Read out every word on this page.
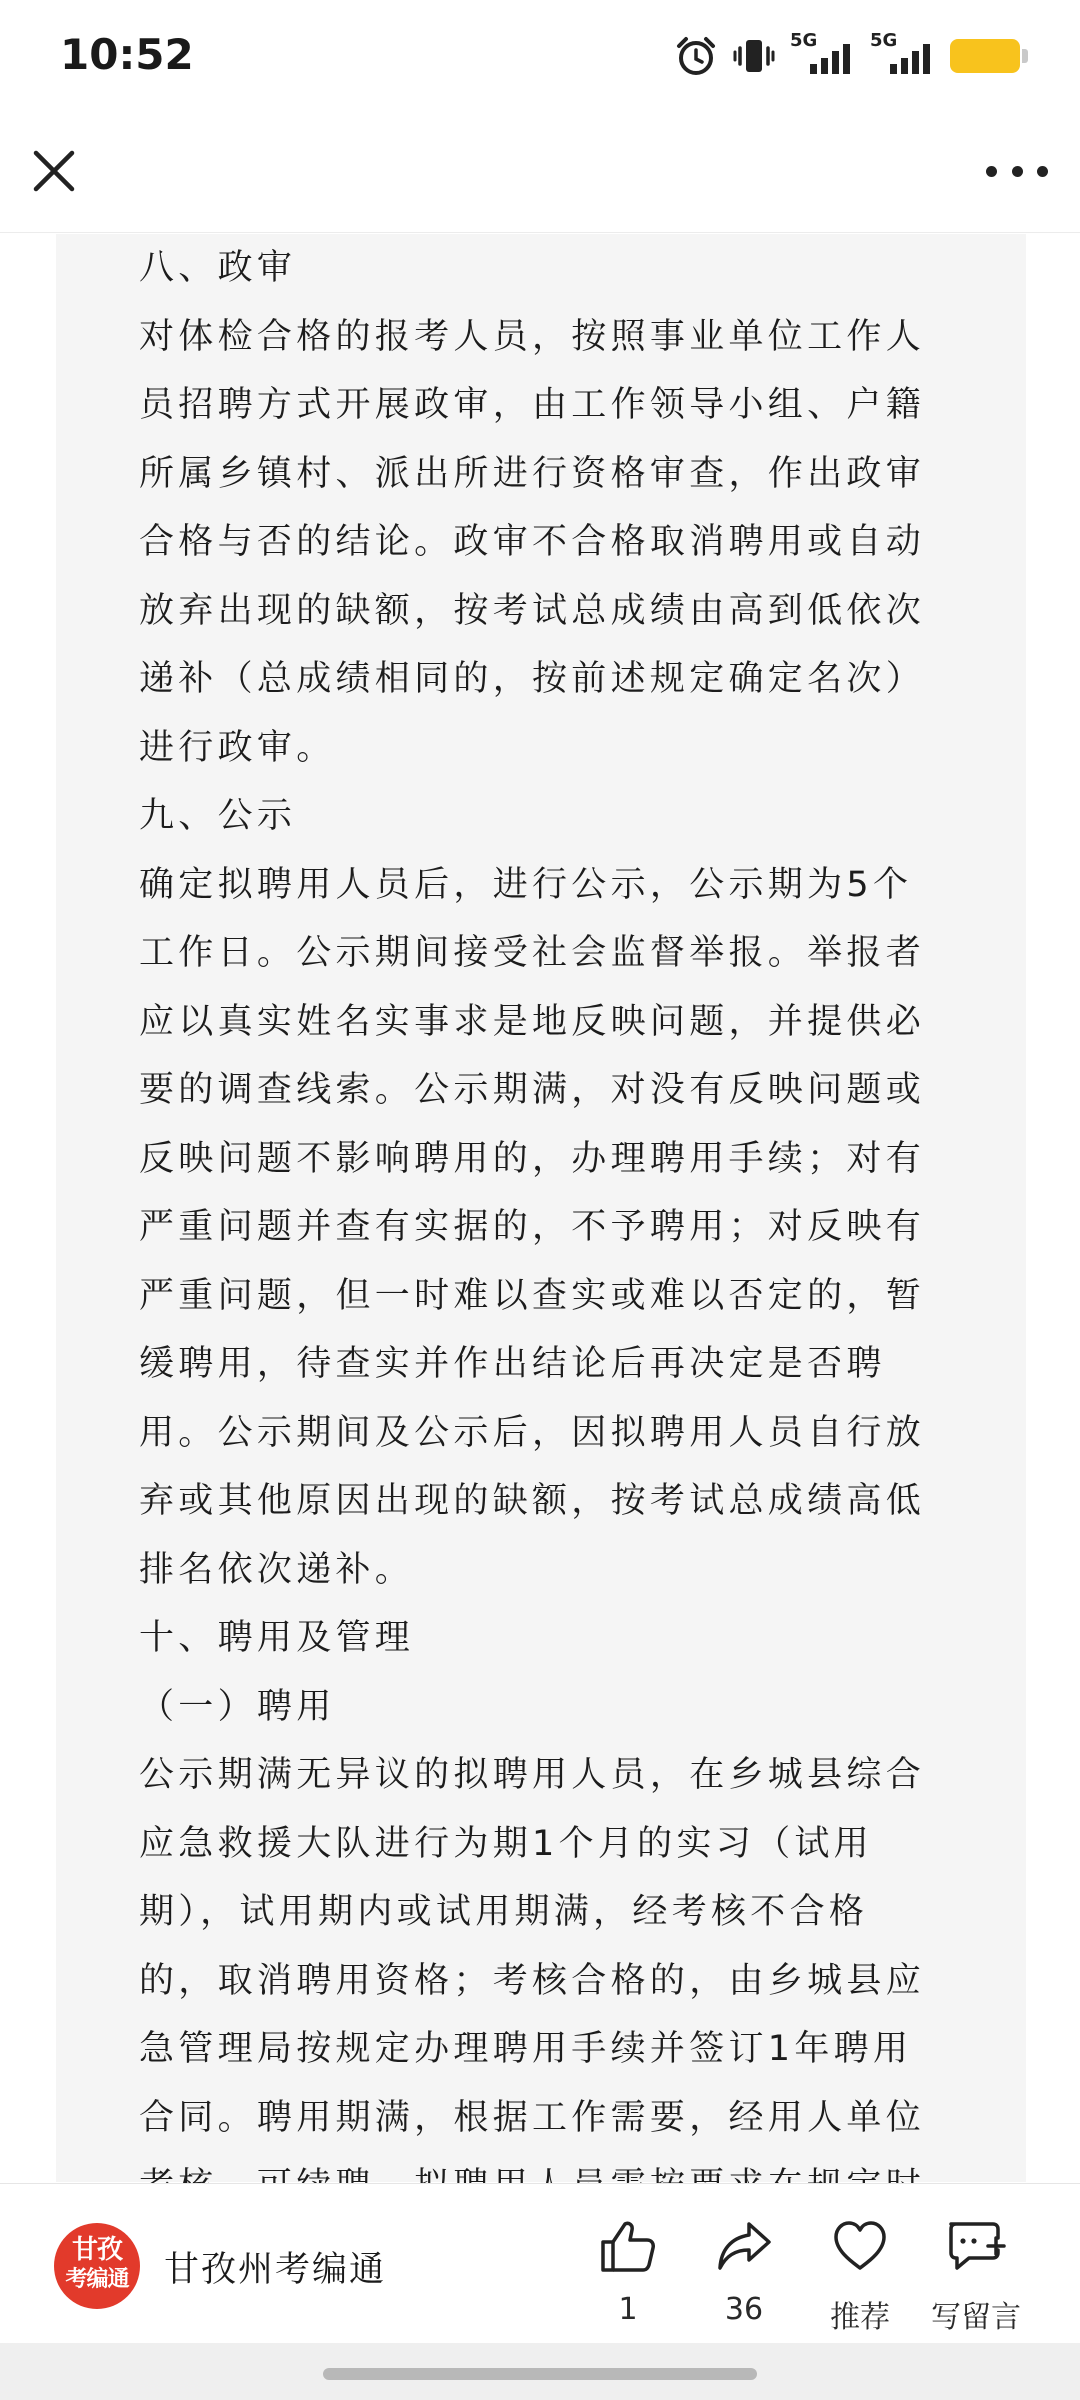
10:52	5G	5G
八、政审
对体检合格的报考人员，按照事业单位工作人
员招聘方式开展政审，由工作领导小组、户籍
所属乡镇村、派出所进行资格审查，作出政审
合格与否的结论。政审不合格取消聘用或自动
放弃出现的缺额，按考试总成绩由高到低依次
递补（总成绩相同的，按前述规定确定名次）
进行政审。
九、公示
确定拟聘用人员后，进行公示，公示期为5个
工作日。公示期间接受社会监督举报。举报者
应以真实姓名实事求是地反映问题，并提供必
要的调查线索。公示期满，对没有反映问题或
反映问题不影响聘用的，办理聘用手续；对有
严重问题并查有实据的，不予聘用；对反映有
严重问题，但一时难以查实或难以否定的，暂
缓聘用，待查实并作出结论后再决定是否聘
用。公示期间及公示后，因拟聘用人员自行放
弃或其他原因出现的缺额，按考试总成绩高低
排名依次递补。
十、聘用及管理
（一）聘用
公示期满无异议的拟聘用人员，在乡城县综合
应急救援大队进行为期1个月的实习（试用
期），试用期内或试用期满，经考核不合格
的，取消聘用资格；考核合格的，由乡城县应
急管理局按规定办理聘用手续并签订1年聘用
合同。聘用期满，根据工作需要，经用人单位
甘孜
考编通	甘孜州考编通
1	36	推荐	写留言
